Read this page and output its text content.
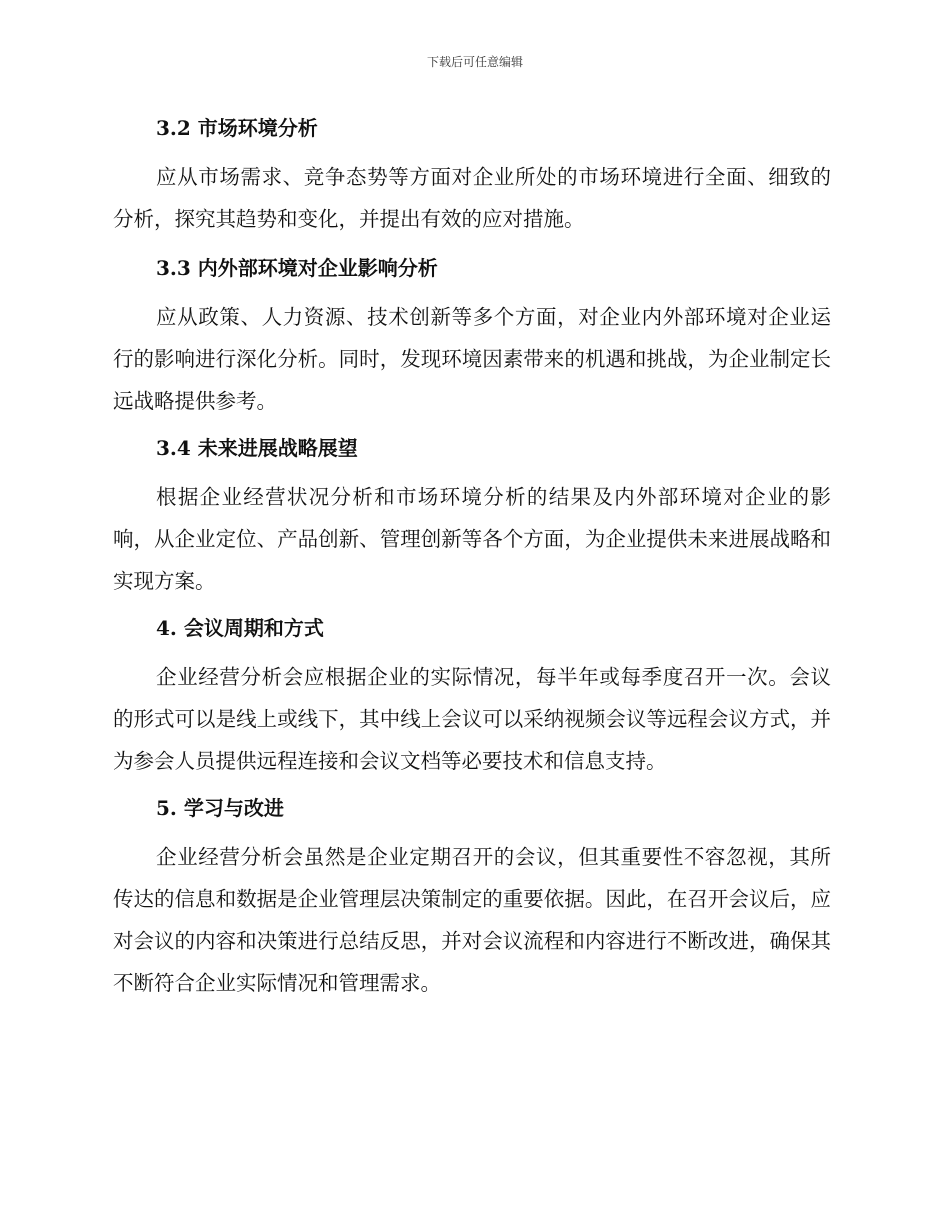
下载后可任意编辑
3.2 市场环境分析

应从市场需求、竞争态势等方面对企业所处的市场环境进行全面、细致的分析，探究其趋势和变化，并提出有效的应对措施。

3.3 内外部环境对企业影响分析

应从政策、人力资源、技术创新等多个方面，对企业内外部环境对企业运行的影响进行深化分析。同时，发现环境因素带来的机遇和挑战，为企业制定长远战略提供参考。

3.4 未来进展战略展望

根据企业经营状况分析和市场环境分析的结果及内外部环境对企业的影响，从企业定位、产品创新、管理创新等各个方面，为企业提供未来进展战略和实现方案。

4. 会议周期和方式

企业经营分析会应根据企业的实际情况，每半年或每季度召开一次。会议的形式可以是线上或线下，其中线上会议可以采纳视频会议等远程会议方式，并为参会人员提供远程连接和会议文档等必要技术和信息支持。

5. 学习与改进

企业经营分析会虽然是企业定期召开的会议，但其重要性不容忽视，其所传达的信息和数据是企业管理层决策制定的重要依据。因此，在召开会议后，应对会议的内容和决策进行总结反思，并对会议流程和内容进行不断改进，确保其不断符合企业实际情况和管理需求。
